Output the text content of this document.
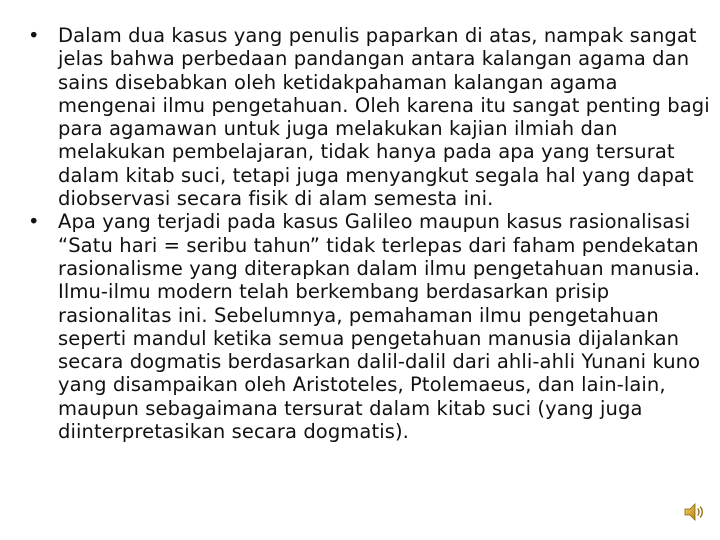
• Dalam dua kasus yang penulis paparkan di atas, nampak sangat jelas bahwa perbedaan pandangan antara kalangan agama dan sains disebabkan oleh ketidakpahaman kalangan agama mengenai ilmu pengetahuan. Oleh karena itu sangat penting bagi para agamawan untuk juga melakukan kajian ilmiah dan melakukan pembelajaran, tidak hanya pada apa yang tersurat dalam kitab suci, tetapi juga menyangkut segala hal yang dapat diobservasi secara fisik di alam semesta ini.
• Apa yang terjadi pada kasus Galileo maupun kasus rasionalisasi “Satu hari = seribu tahun” tidak terlepas dari faham pendekatan rasionalisme yang diterapkan dalam ilmu pengetahuan manusia. Ilmu-ilmu modern telah berkembang berdasarkan prisip rasionalitas ini. Sebelumnya, pemahaman ilmu pengetahuan seperti mandul ketika semua pengetahuan manusia dijalankan secara dogmatis berdasarkan dalil-dalil dari ahli-ahli Yunani kuno yang disampaikan oleh Aristoteles, Ptolemaeus, dan lain-lain, maupun sebagaimana tersurat dalam kitab suci (yang juga diinterpretasikan secara dogmatis).
